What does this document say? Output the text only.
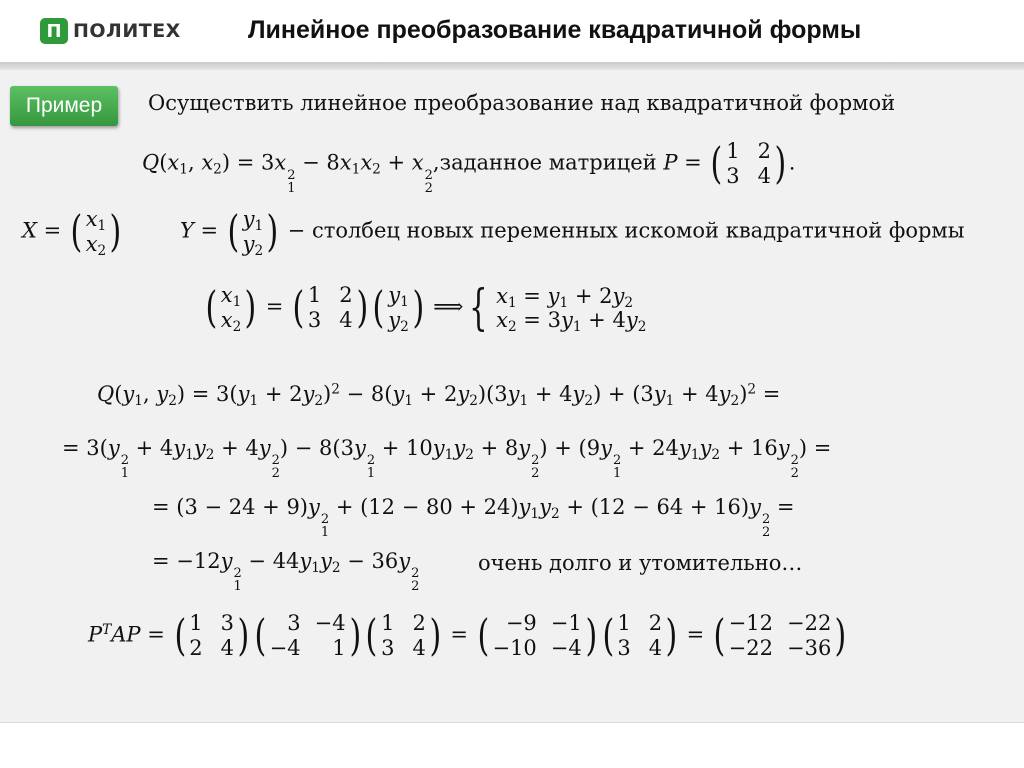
П ПОЛИТЕХ	Линейное преобразование квадратичной формы
Пример	Осуществить линейное преобразование над квадратичной формой
$Q(x_1$, $x_2) = 3x$
2
1
− $8x_1x_2 + x$
2
2
,заданное матрицей P = ( 1 2
3 4 ) .
X = ( $x_1$
$x_2$ )	Y = ( $y_1$
$y_2$ ) − столбец новых переменных искомой квадратичной формы
( $x_1$
$x_2$ ) = ( 1 2
3 4 ) ( $y_1$
$y_2$ ) ⟹ { $x_1 = y_1 + 2y_2$
$x_2 = 3y_1 + 4y_2$
$Q(y_1$, $y_2) = 3(y_1 + 2y_2)^2 - 8(y_1 + 2y_2)(3y_1 + 4y_2) + (3y_1 + 4y_2)^2$ =
= 3(y
2
1
+ $4y_1y_2 + 4y$
2
2
) − 8(3y
2
1
+ $10y_1y_2 + 8y$
2
2
) + (9y
2
1
+ $24y_1y_2 + 16y$
2
2
) =
= (3 − 24 + 9)y
2
1
+ $(12 - 80 + 24)y_1y_2 + (12 - 64 + 16)y$
2
2
=
= −12y
2
1
− $44y_1y_2 - 36y$
2
2
очень долго и утомительно…
$P^TAP$ = ( 1 3
2 4 ) (	3 −4
−4	1 ) ( 1 2
3 4 ) = ( −9 −1
−10 −4 ) ( 1 2
3 4 ) = ( −12 −22
−22 −36 )
